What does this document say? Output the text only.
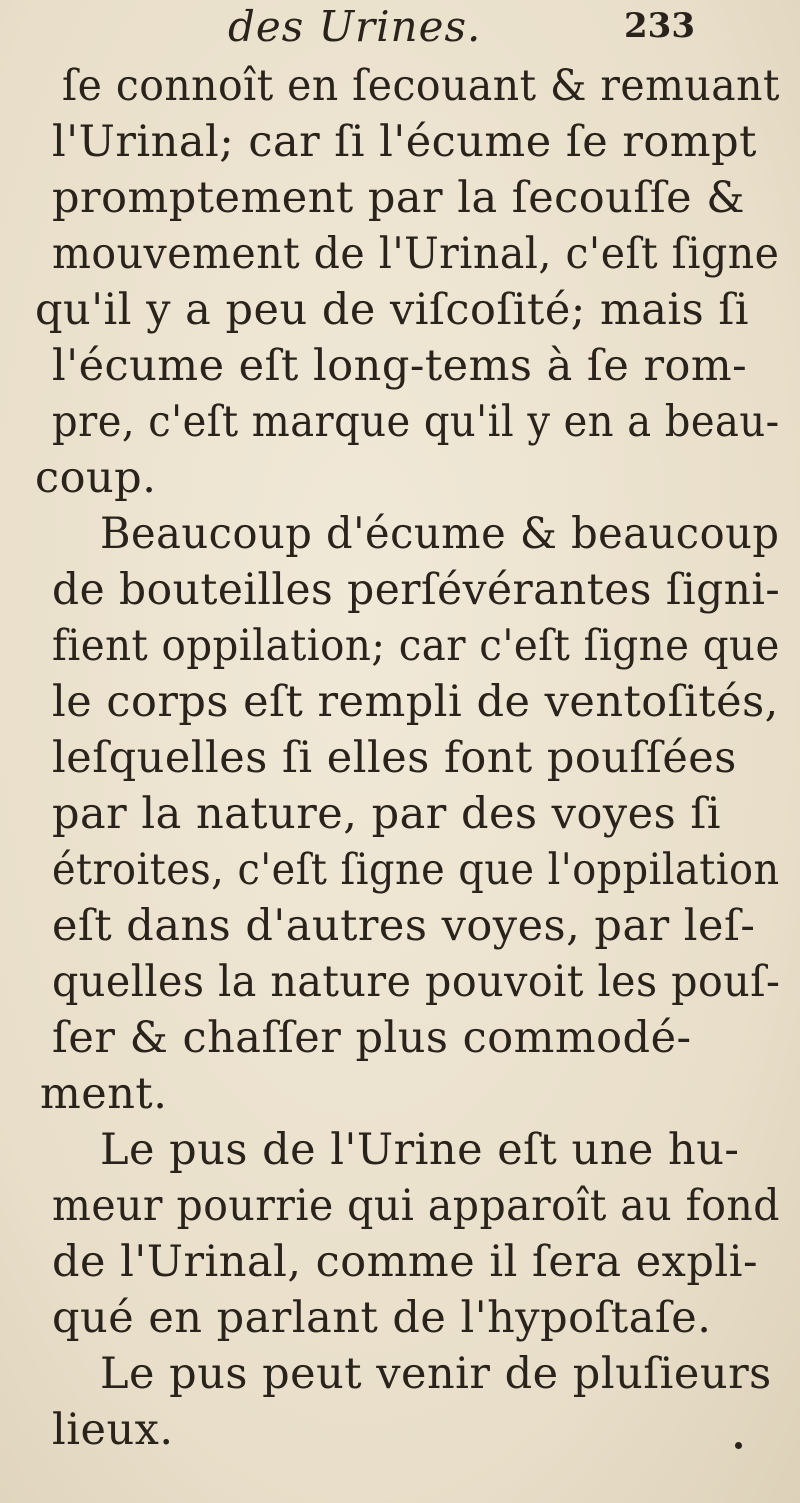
des Urines.	233
ſe connoît en ſecouant & remuant
l'Urinal; car ſi l'écume ſe rompt
promptement par la ſecouſſe &
mouvement de l'Urinal, c'eſt ſigne
qu'il y a peu de viſcoſité; mais ſi
l'écume eſt long-tems à ſe rom-
pre, c'eſt marque qu'il y en a beau-
coup.
Beaucoup d'écume & beaucoup
de bouteilles perſévérantes ſigni-
fient oppilation; car c'eſt ſigne que
le corps eſt rempli de ventoſités,
leſquelles ſi elles font pouſſées
par la nature, par des voyes ſi
étroites, c'eſt ſigne que l'oppilation
eſt dans d'autres voyes, par leſ-
quelles la nature pouvoit les pouſ-
ſer & chaſſer plus commodé-
ment.
Le pus de l'Urine eſt une hu-
meur pourrie qui apparoît au fond
de l'Urinal, comme il ſera expli-
qué en parlant de l'hypoſtaſe.
Le pus peut venir de pluſieurs
lieux.
